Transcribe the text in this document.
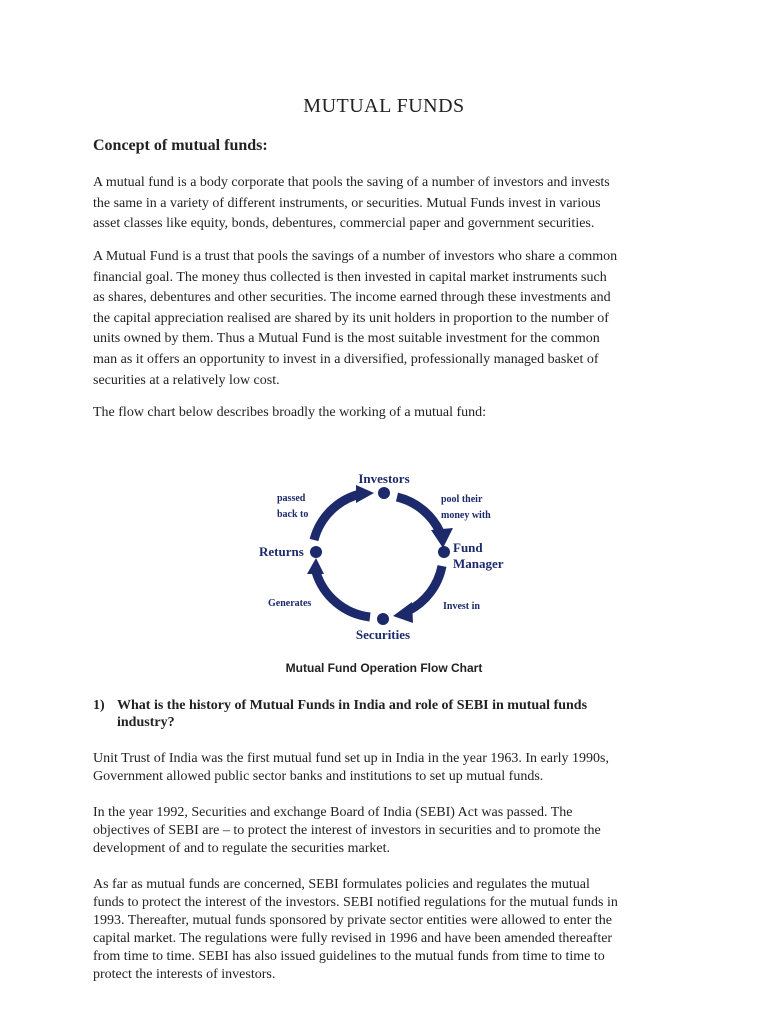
MUTUAL FUNDS
Concept of mutual funds:
A mutual fund is a body corporate that pools the saving of a number of investors and invests
the same in a variety of different instruments, or securities. Mutual Funds invest in various
asset classes like equity, bonds, debentures, commercial paper and government securities.
A Mutual Fund is a trust that pools the savings of a number of investors who share a common
financial goal. The money thus collected is then invested in capital market instruments such
as shares, debentures and other securities. The income earned through these investments and
the capital appreciation realised are shared by its unit holders in proportion to the number of
units owned by them. Thus a Mutual Fund is the most suitable investment for the common
man as it offers an opportunity to invest in a diversified, professionally managed basket of
securities at a relatively low cost.
The flow chart below describes broadly the working of a mutual fund:
Investors
Fund
Manager
Securities
Returns
pool their
money with
Invest in
Generates
passed
back to
Mutual Fund Operation Flow Chart
1) What is the history of Mutual Funds in India and role of SEBI in mutual funds
industry?
Unit Trust of India was the first mutual fund set up in India in the year 1963. In early 1990s,
Government allowed public sector banks and institutions to set up mutual funds.
In the year 1992, Securities and exchange Board of India (SEBI) Act was passed. The
objectives of SEBI are – to protect the interest of investors in securities and to promote the
development of and to regulate the securities market.
As far as mutual funds are concerned, SEBI formulates policies and regulates the mutual
funds to protect the interest of the investors. SEBI notified regulations for the mutual funds in
1993. Thereafter, mutual funds sponsored by private sector entities were allowed to enter the
capital market. The regulations were fully revised in 1996 and have been amended thereafter
from time to time. SEBI has also issued guidelines to the mutual funds from time to time to
protect the interests of investors.
